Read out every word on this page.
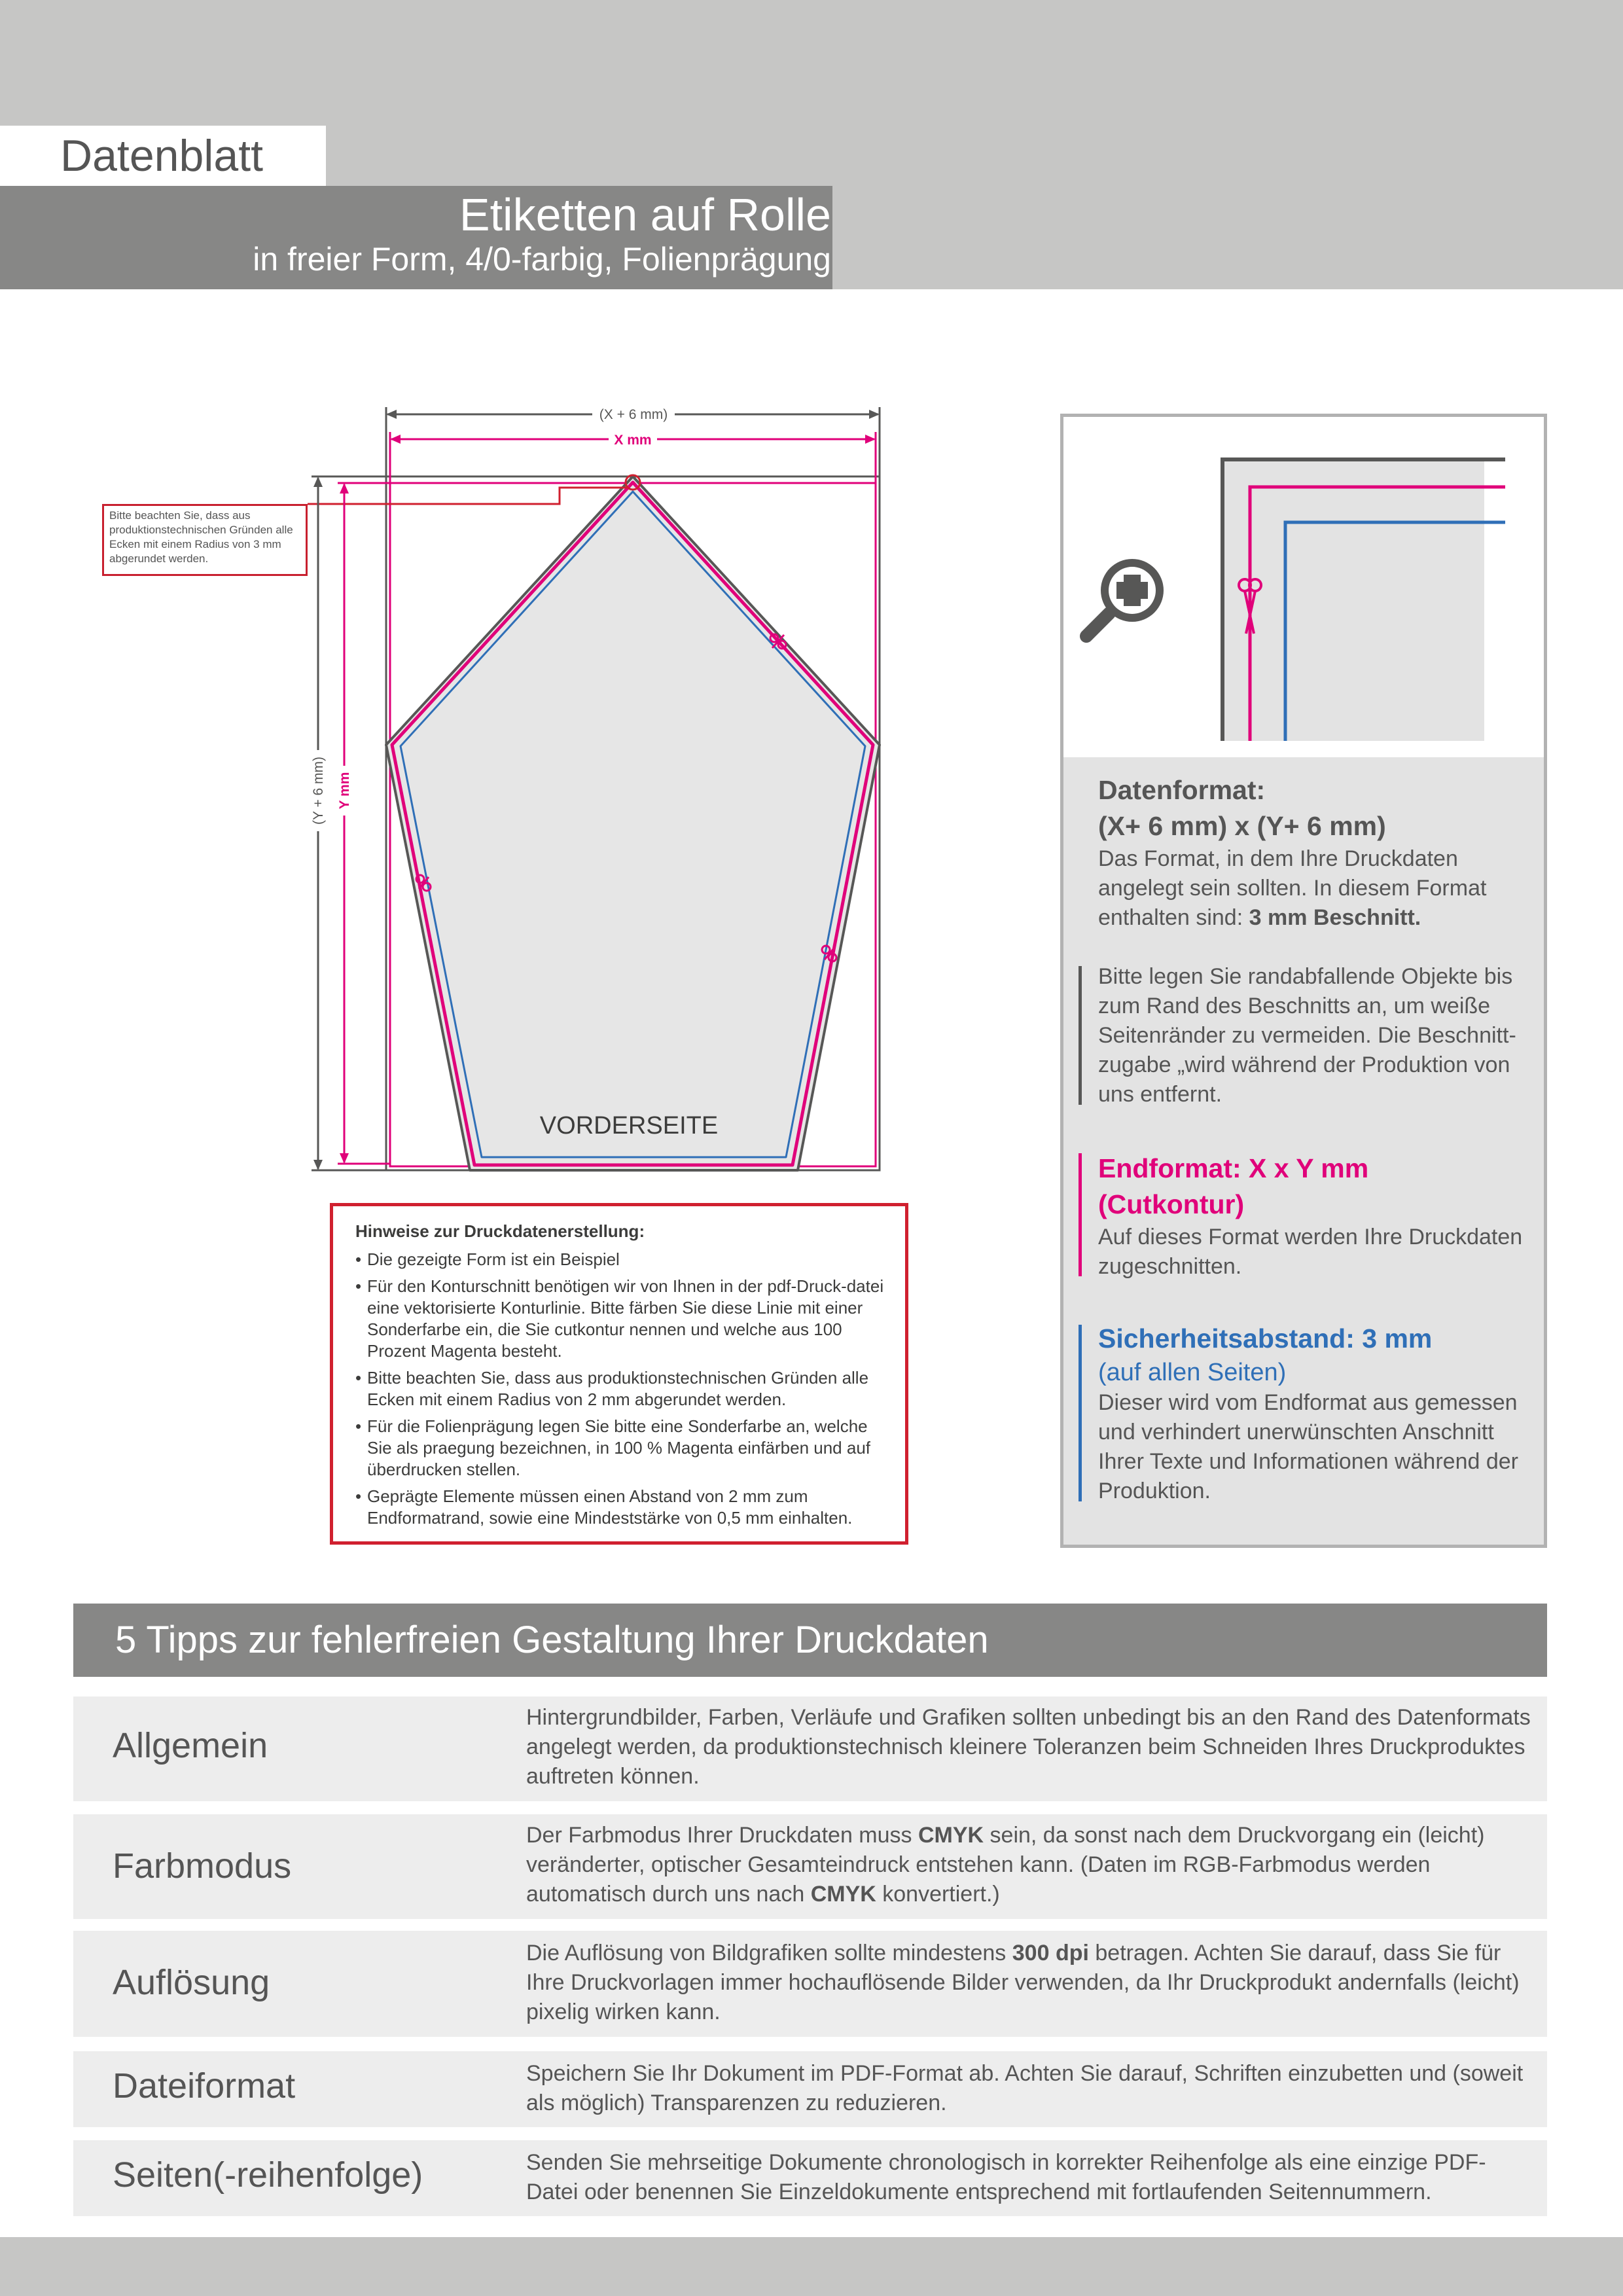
Datenblatt
Etiketten auf Rolle
in freier Form, 4/0-farbig, Folienprägung
(X + 6 mm)
X mm
(Y + 6 mm) Y mm
VORDERSEITE
Bitte beachten Sie, dass aus produktionstechnischen Gründen alle Ecken mit einem Radius von 3 mm abgerundet werden.
Hinweise zur Druckdatenerstellung:
• Die gezeigte Form ist ein Beispiel
• Für den Konturschnitt benötigen wir von Ihnen in der pdf-Druck-datei eine vektorisierte Konturlinie. Bitte färben Sie diese Linie mit einer Sonderfarbe ein, die Sie cutkontur nennen und welche aus 100 Prozent Magenta besteht.
• Bitte beachten Sie, dass aus produktionstechnischen Gründen alle Ecken mit einem Radius von 2 mm abgerundet werden.
• Für die Folienprägung legen Sie bitte eine Sonderfarbe an, welche Sie als praegung bezeichnen, in 100 % Magenta einfärben und auf überdrucken stellen.
• Geprägte Elemente müssen einen Abstand von 2 mm zum Endformatrand, sowie eine Mindeststärke von 0,5 mm einhalten.
Datenformat:
(X+ 6 mm) x (Y+ 6 mm)
Das Format, in dem Ihre Druckdaten angelegt sein sollten. In diesem Format enthalten sind: 3 mm Beschnitt.
Bitte legen Sie randabfallende Objekte bis zum Rand des Beschnitts an, um weiße Seitenränder zu vermeiden. Die Beschnitt-zugabe „wird während der Produktion von uns entfernt.
Endformat: X x Y mm
(Cutkontur)
Auf dieses Format werden Ihre Druckdaten zugeschnitten.
Sicherheitsabstand: 3 mm
(auf allen Seiten)
Dieser wird vom Endformat aus gemessen und verhindert unerwünschten Anschnitt Ihrer Texte und Informationen während der Produktion.
5 Tipps zur fehlerfreien Gestaltung Ihrer Druckdaten
Allgemein
Hintergrundbilder, Farben, Verläufe und Grafiken sollten unbedingt bis an den Rand des Datenformats angelegt werden, da produktionstechnisch kleinere Toleranzen beim Schneiden Ihres Druckproduktes auftreten können.
Farbmodus
Der Farbmodus Ihrer Druckdaten muss CMYK sein, da sonst nach dem Druckvorgang ein (leicht) veränderter, optischer Gesamteindruck entstehen kann. (Daten im RGB-Farbmodus werden automatisch durch uns nach CMYK konvertiert.)
Auflösung
Die Auflösung von Bildgrafiken sollte mindestens 300 dpi betragen. Achten Sie darauf, dass Sie für Ihre Druckvorlagen immer hochauflösende Bilder verwenden, da Ihr Druckprodukt andernfalls (leicht) pixelig wirken kann.
Dateiformat	Speichern Sie Ihr Dokument im PDF-Format ab. Achten Sie darauf, Schriften einzubetten und (soweit als möglich) Transparenzen zu reduzieren.
Seiten(-reihenfolge)	Senden Sie mehrseitige Dokumente chronologisch in korrekter Reihenfolge als eine einzige PDF-Datei oder benennen Sie Einzeldokumente entsprechend mit fortlaufenden Seitennummern.
